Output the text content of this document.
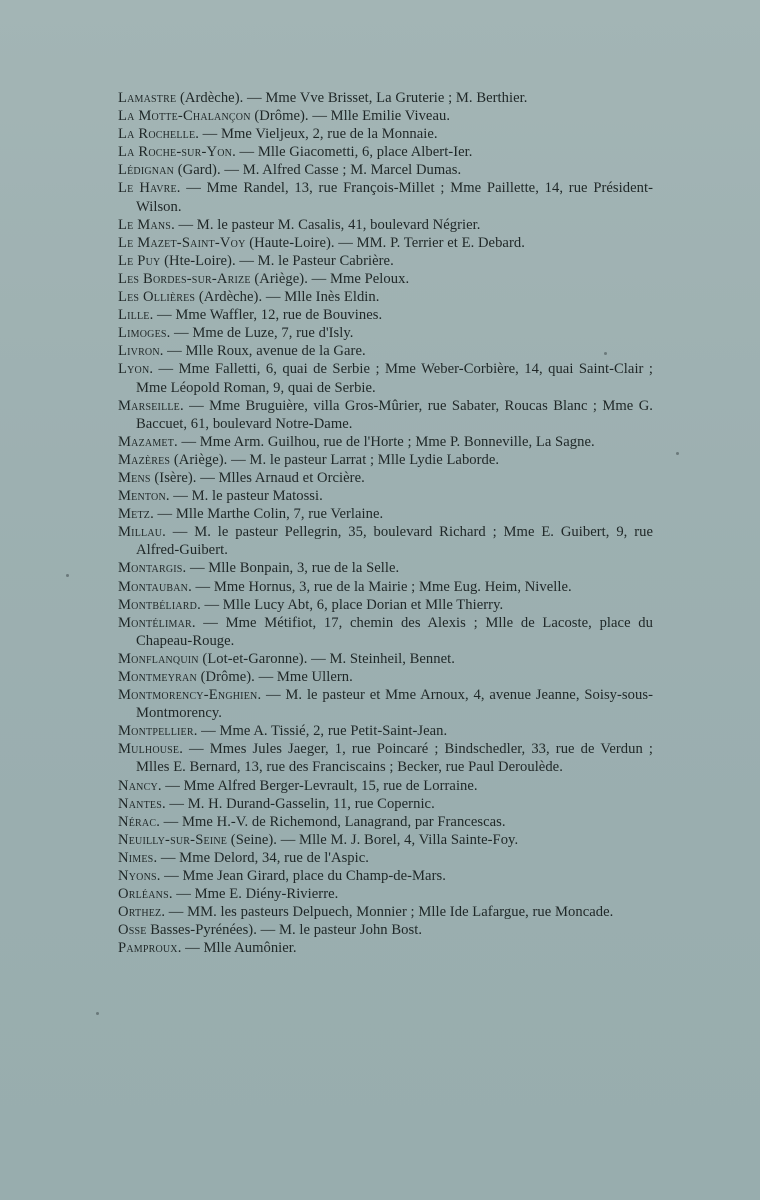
Lamastre (Ardèche). — Mme Vve Brisset, La Gruterie ; M. Berthier.

La Motte-Chalançon (Drôme). — Mlle Emilie Viveau.

La Rochelle. — Mme Vieljeux, 2, rue de la Monnaie.

La Roche-sur-Yon. — Mlle Giacometti, 6, place Albert-Ier.

Lédignan (Gard). — M. Alfred Casse ; M. Marcel Dumas.

Le Havre. — Mme Randel, 13, rue François-Millet ; Mme Paillette, 14, rue Président-Wilson.

Le Mans. — M. le pasteur M. Casalis, 41, boulevard Négrier.

Le Mazet-Saint-Voy (Haute-Loire). — MM. P. Terrier et E. Debard.

Le Puy (Hte-Loire). — M. le Pasteur Cabrière.

Les Bordes-sur-Arize (Ariège). — Mme Peloux.

Les Ollières (Ardèche). — Mlle Inès Eldin.

Lille. — Mme Waffler, 12, rue de Bouvines.

Limoges. — Mme de Luze, 7, rue d'Isly.

Livron. — Mlle Roux, avenue de la Gare.

Lyon. — Mme Falletti, 6, quai de Serbie ; Mme Weber-Corbière, 14, quai Saint-Clair ; Mme Léopold Roman, 9, quai de Serbie.

Marseille. — Mme Bruguière, villa Gros-Mûrier, rue Sabater, Roucas Blanc ; Mme G. Baccuet, 61, boulevard Notre-Dame.

Mazamet. — Mme Arm. Guilhou, rue de l'Horte ; Mme P. Bonneville, La Sagne.

Mazères (Ariège). — M. le pasteur Larrat ; Mlle Lydie Laborde.

Mens (Isère). — Mlles Arnaud et Orcière.

Menton. — M. le pasteur Matossi.

Metz. — Mlle Marthe Colin, 7, rue Verlaine.

Millau. — M. le pasteur Pellegrin, 35, boulevard Richard ; Mme E. Guibert, 9, rue Alfred-Guibert.

Montargis. — Mlle Bonpain, 3, rue de la Selle.

Montauban. — Mme Hornus, 3, rue de la Mairie ; Mme Eug. Heim, Nivelle.

Montbéliard. — Mlle Lucy Abt, 6, place Dorian et Mlle Thierry.

Montélimar. — Mme Métifiot, 17, chemin des Alexis ; Mlle de Lacoste, place du Chapeau-Rouge.

Monflanquin (Lot-et-Garonne). — M. Steinheil, Bennet.

Montmeyran (Drôme). — Mme Ullern.

Montmorency-Enghien. — M. le pasteur et Mme Arnoux, 4, avenue Jeanne, Soisy-sous-Montmorency.

Montpellier. — Mme A. Tissié, 2, rue Petit-Saint-Jean.

Mulhouse. — Mmes Jules Jaeger, 1, rue Poincaré ; Bindschedler, 33, rue de Verdun ; Mlles E. Bernard, 13, rue des Franciscains ; Becker, rue Paul Deroulède.

Nancy. — Mme Alfred Berger-Levrault, 15, rue de Lorraine.

Nantes. — M. H. Durand-Gasselin, 11, rue Copernic.

Nérac. — Mme H.-V. de Richemond, Lanagrand, par Francescas.

Neuilly-sur-Seine (Seine). — Mlle M. J. Borel, 4, Villa Sainte-Foy.

Nimes. — Mme Delord, 34, rue de l'Aspic.

Nyons. — Mme Jean Girard, place du Champ-de-Mars.

Orléans. — Mme E. Diény-Rivierre.

Orthez. — MM. les pasteurs Delpuech, Monnier ; Mlle Ide Lafargue, rue Moncade.

Osse Basses-Pyrénées). — M. le pasteur John Bost.

Pamproux. — Mlle Aumônier.
